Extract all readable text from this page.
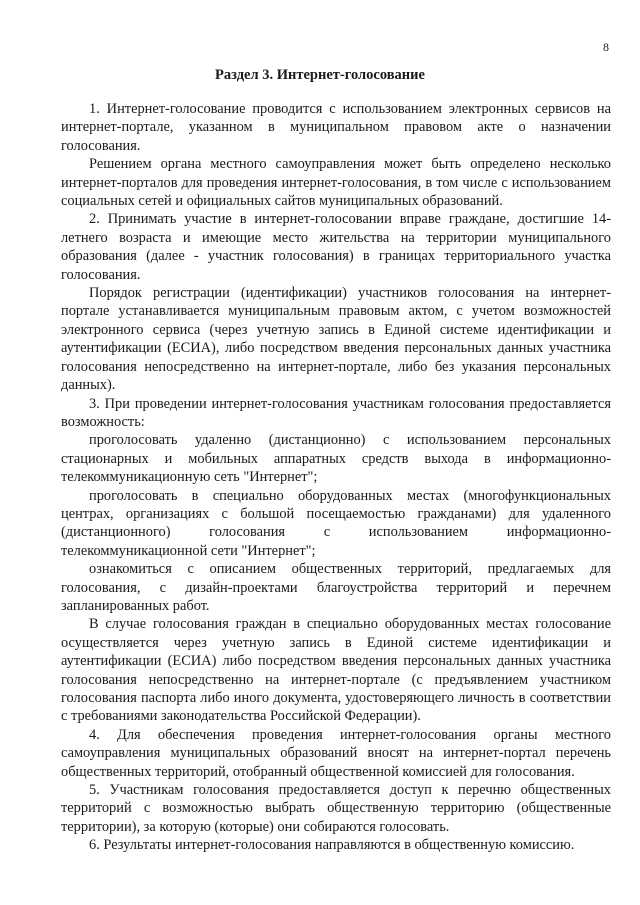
8
Раздел 3. Интернет-голосование

1. Интернет-голосование проводится с использованием электронных сервисов на интернет-портале, указанном в муниципальном правовом акте о назначении голосования.

Решением органа местного самоуправления может быть определено несколько интернет-порталов для проведения интернет-голосования, в том числе с использованием социальных сетей и официальных сайтов муниципальных образований.

2. Принимать участие в интернет-голосовании вправе граждане, достигшие 14-летнего возраста и имеющие место жительства на территории муниципального образования (далее - участник голосования) в границах территориального участка голосования.

Порядок регистрации (идентификации) участников голосования на интернет-портале устанавливается муниципальным правовым актом, с учетом возможностей электронного сервиса (через учетную запись в Единой системе идентификации и аутентификации (ЕСИА), либо посредством введения персональных данных участника голосования непосредственно на интернет-портале, либо без указания персональных данных).

3. При проведении интернет-голосования участникам голосования предоставляется возможность:

проголосовать удаленно (дистанционно) с использованием персональных стационарных и мобильных аппаратных средств выхода в информационно-телекоммуникационную сеть "Интернет";

проголосовать в специально оборудованных местах (многофункциональных центрах, организациях с большой посещаемостью гражданами) для удаленного (дистанционного) голосования с использованием информационно-телекоммуникационной сети "Интернет";

ознакомиться с описанием общественных территорий, предлагаемых для голосования, с дизайн-проектами благоустройства территорий и перечнем запланированных работ.

В случае голосования граждан в специально оборудованных местах голосование осуществляется через учетную запись в Единой системе идентификации и аутентификации (ЕСИА) либо посредством введения персональных данных участника голосования непосредственно на интернет-портале (с предъявлением участником голосования паспорта либо иного документа, удостоверяющего личность в соответствии с требованиями законодательства Российской Федерации).

4. Для обеспечения проведения интернет-голосования органы местного самоуправления муниципальных образований вносят на интернет-портал перечень общественных территорий, отобранный общественной комиссией для голосования.

5. Участникам голосования предоставляется доступ к перечню общественных территорий с возможностью выбрать общественную территорию (общественные территории), за которую (которые) они собираются голосовать.

6. Результаты интернет-голосования направляются в общественную комиссию.
